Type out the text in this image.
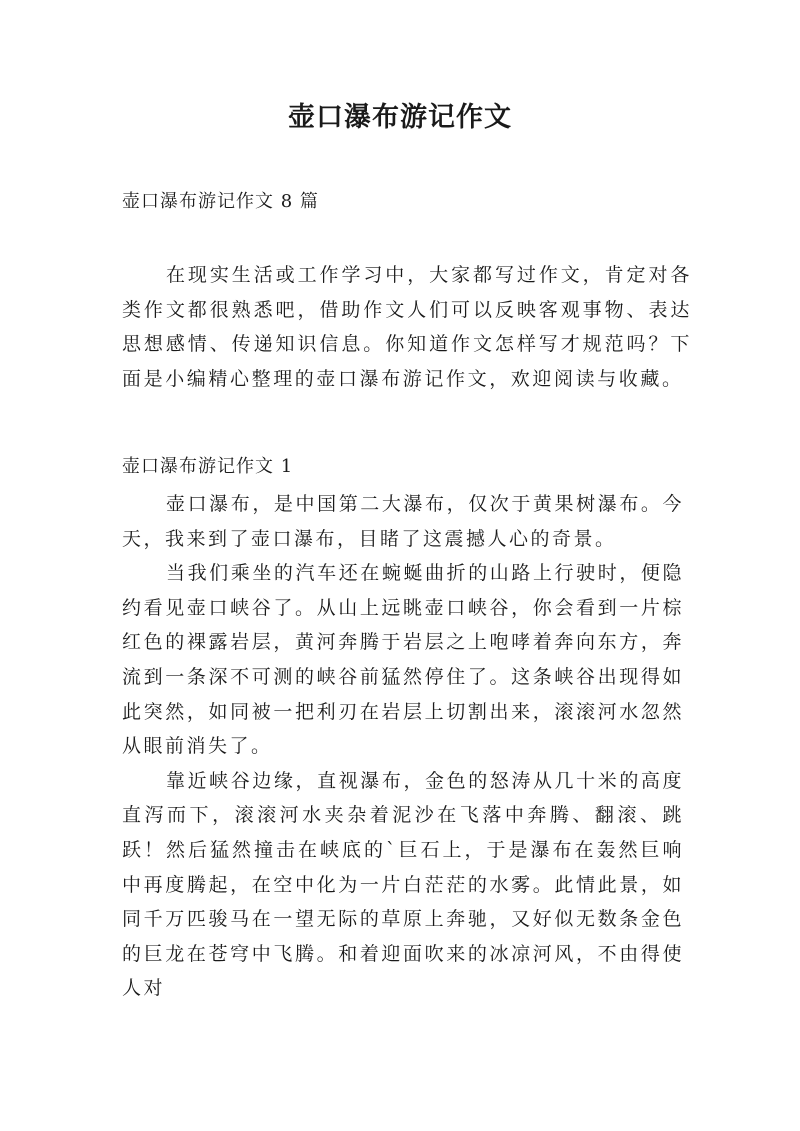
壶口瀑布游记作文
壶口瀑布游记作文 8 篇

在现实生活或工作学习中，大家都写过作文，肯定对各类作文都很熟悉吧，借助作文人们可以反映客观事物、表达思想感情、传递知识信息。你知道作文怎样写才规范吗？下面是小编精心整理的壶口瀑布游记作文，欢迎阅读与收藏。

壶口瀑布游记作文 1

壶口瀑布，是中国第二大瀑布，仅次于黄果树瀑布。今天，我来到了壶口瀑布，目睹了这震撼人心的奇景。

当我们乘坐的汽车还在蜿蜒曲折的山路上行驶时，便隐约看见壶口峡谷了。从山上远眺壶口峡谷，你会看到一片棕红色的裸露岩层，黄河奔腾于岩层之上咆哮着奔向东方，奔流到一条深不可测的峡谷前猛然停住了。这条峡谷出现得如此突然，如同被一把利刃在岩层上切割出来，滚滚河水忽然从眼前消失了。

靠近峡谷边缘，直视瀑布，金色的怒涛从几十米的高度直泻而下，滚滚河水夹杂着泥沙在飞落中奔腾、翻滚、跳跃！然后猛然撞击在峡底的`巨石上，于是瀑布在轰然巨响中再度腾起，在空中化为一片白茫茫的水雾。此情此景，如同千万匹骏马在一望无际的草原上奔驰，又好似无数条金色的巨龙在苍穹中飞腾。和着迎面吹来的冰凉河风，不由得使人对
